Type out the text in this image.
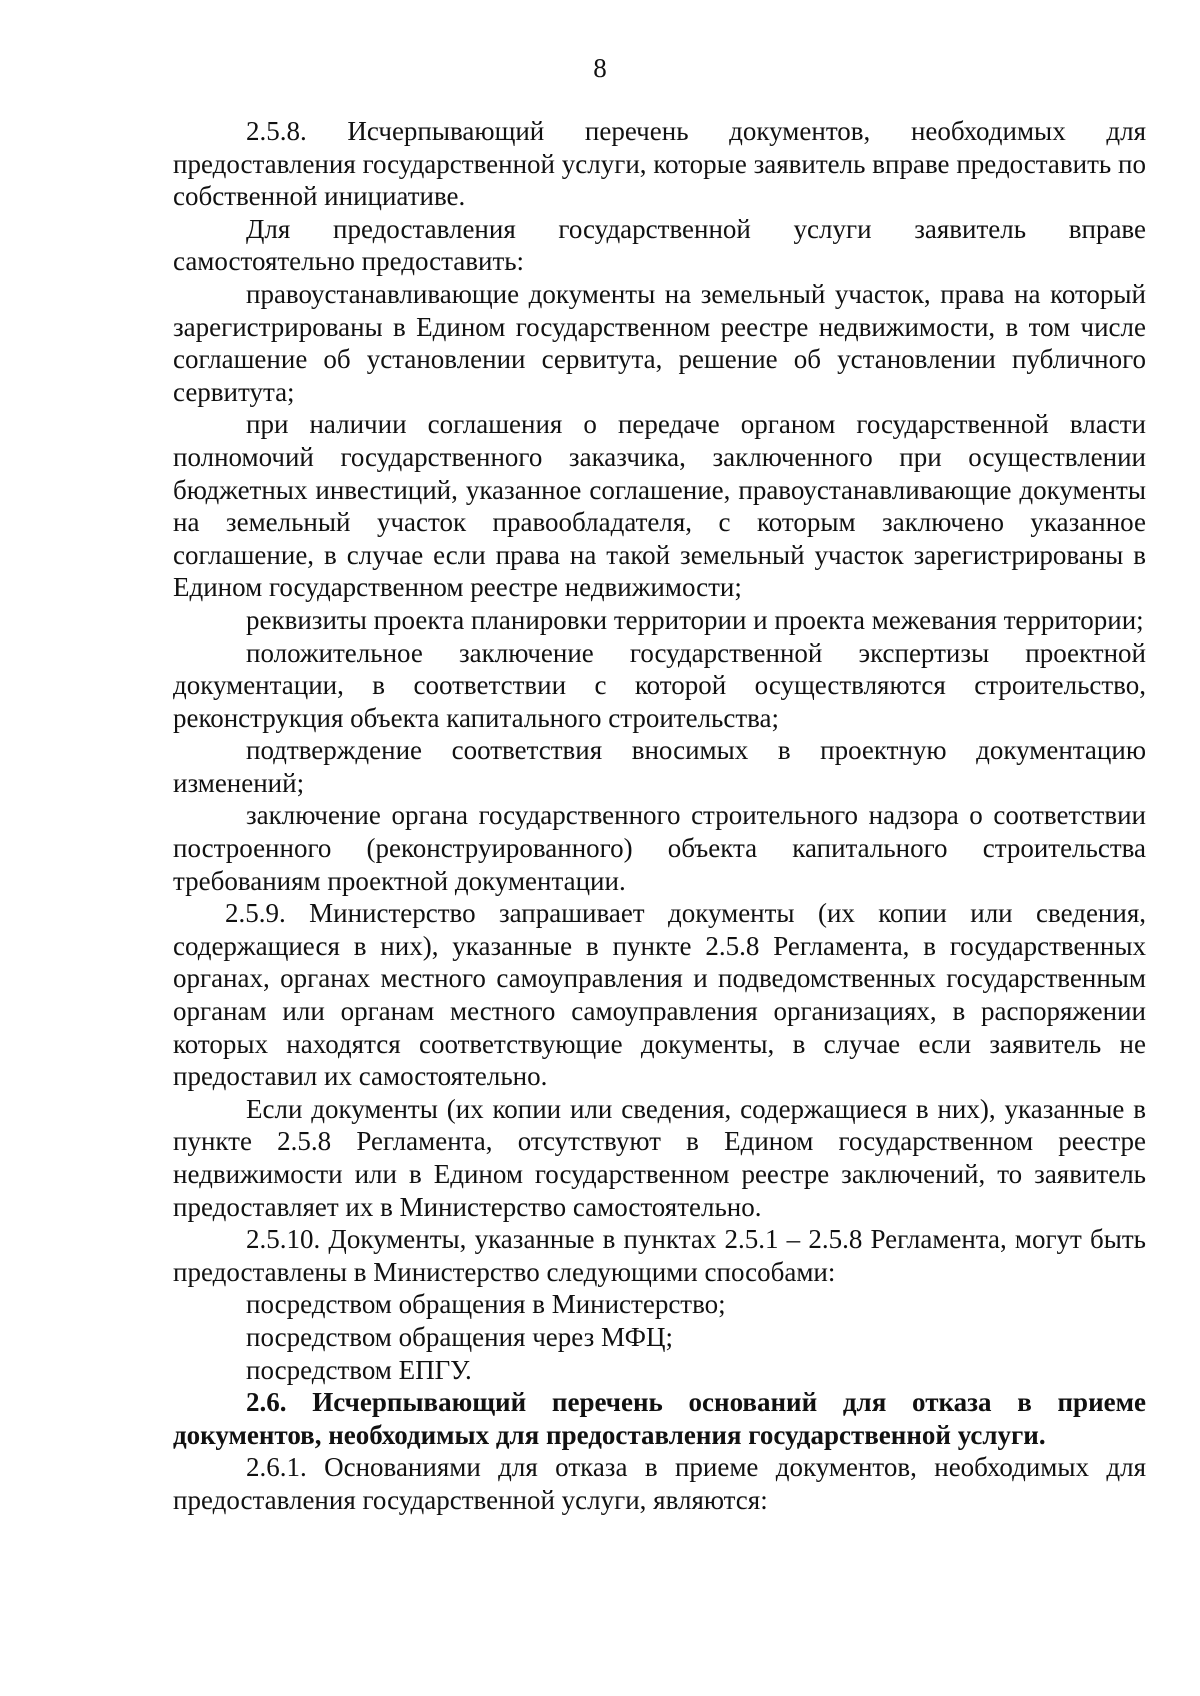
8

2.5.8. Исчерпывающий перечень документов, необходимых для предоставления государственной услуги, которые заявитель вправе предоставить по собственной инициативе.

Для предоставления государственной услуги заявитель вправе самостоятельно предоставить:

правоустанавливающие документы на земельный участок, права на который зарегистрированы в Едином государственном реестре недвижимости, в том числе соглашение об установлении сервитута, решение об установлении публичного сервитута;

при наличии соглашения о передаче органом государственной власти полномочий государственного заказчика, заключенного при осуществлении бюджетных инвестиций, указанное соглашение, правоустанавливающие документы на земельный участок правообладателя, с которым заключено указанное соглашение, в случае если права на такой земельный участок зарегистрированы в Едином государственном реестре недвижимости;

реквизиты проекта планировки территории и проекта межевания территории;

положительное заключение государственной экспертизы проектной документации, в соответствии с которой осуществляются строительство, реконструкция объекта капитального строительства;

подтверждение соответствия вносимых в проектную документацию изменений;

заключение органа государственного строительного надзора о соответствии построенного (реконструированного) объекта капитального строительства требованиям проектной документации.

2.5.9. Министерство запрашивает документы (их копии или сведения, содержащиеся в них), указанные в пункте 2.5.8 Регламента, в государственных органах, органах местного самоуправления и подведомственных государственным органам или органам местного самоуправления организациях, в распоряжении которых находятся соответствующие документы, в случае если заявитель не предоставил их самостоятельно.

Если документы (их копии или сведения, содержащиеся в них), указанные в пункте 2.5.8 Регламента, отсутствуют в Едином государственном реестре недвижимости или в Едином государственном реестре заключений, то заявитель предоставляет их в Министерство самостоятельно.

2.5.10. Документы, указанные в пунктах 2.5.1 – 2.5.8 Регламента, могут быть предоставлены в Министерство следующими способами:

посредством обращения в Министерство;

посредством обращения через МФЦ;

посредством ЕПГУ.

2.6. Исчерпывающий перечень оснований для отказа в приеме документов, необходимых для предоставления государственной услуги.

2.6.1. Основаниями для отказа в приеме документов, необходимых для предоставления государственной услуги, являются:
